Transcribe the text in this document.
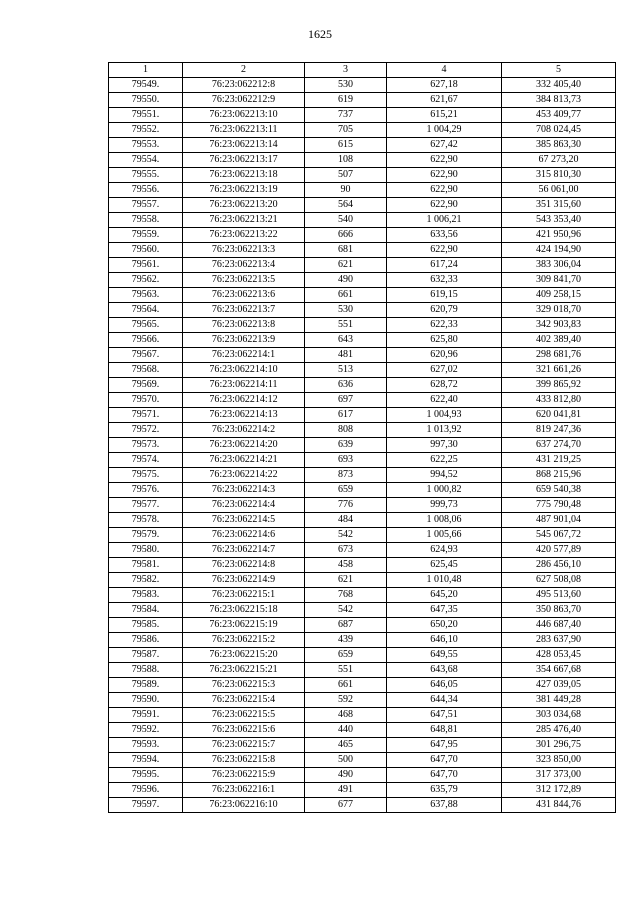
1625
1	2	3	4	5
79549.	76:23:062212:8	530	627,18	332 405,40
79550.	76:23:062212:9	619	621,67	384 813,73
79551.	76:23:062213:10	737	615,21	453 409,77
79552.	76:23:062213:11	705	1 004,29	708 024,45
79553.	76:23:062213:14	615	627,42	385 863,30
79554.	76:23:062213:17	108	622,90	67 273,20
79555.	76:23:062213:18	507	622,90	315 810,30
79556.	76:23:062213:19	90	622,90	56 061,00
79557.	76:23:062213:20	564	622,90	351 315,60
79558.	76:23:062213:21	540	1 006,21	543 353,40
79559.	76:23:062213:22	666	633,56	421 950,96
79560.	76:23:062213:3	681	622,90	424 194,90
79561.	76:23:062213:4	621	617,24	383 306,04
79562.	76:23:062213:5	490	632,33	309 841,70
79563.	76:23:062213:6	661	619,15	409 258,15
79564.	76:23:062213:7	530	620,79	329 018,70
79565.	76:23:062213:8	551	622,33	342 903,83
79566.	76:23:062213:9	643	625,80	402 389,40
79567.	76:23:062214:1	481	620,96	298 681,76
79568.	76:23:062214:10	513	627,02	321 661,26
79569.	76:23:062214:11	636	628,72	399 865,92
79570.	76:23:062214:12	697	622,40	433 812,80
79571.	76:23:062214:13	617	1 004,93	620 041,81
79572.	76:23:062214:2	808	1 013,92	819 247,36
79573.	76:23:062214:20	639	997,30	637 274,70
79574.	76:23:062214:21	693	622,25	431 219,25
79575.	76:23:062214:22	873	994,52	868 215,96
79576.	76:23:062214:3	659	1 000,82	659 540,38
79577.	76:23:062214:4	776	999,73	775 790,48
79578.	76:23:062214:5	484	1 008,06	487 901,04
79579.	76:23:062214:6	542	1 005,66	545 067,72
79580.	76:23:062214:7	673	624,93	420 577,89
79581.	76:23:062214:8	458	625,45	286 456,10
79582.	76:23:062214:9	621	1 010,48	627 508,08
79583.	76:23:062215:1	768	645,20	495 513,60
79584.	76:23:062215:18	542	647,35	350 863,70
79585.	76:23:062215:19	687	650,20	446 687,40
79586.	76:23:062215:2	439	646,10	283 637,90
79587.	76:23:062215:20	659	649,55	428 053,45
79588.	76:23:062215:21	551	643,68	354 667,68
79589.	76:23:062215:3	661	646,05	427 039,05
79590.	76:23:062215:4	592	644,34	381 449,28
79591.	76:23:062215:5	468	647,51	303 034,68
79592.	76:23:062215:6	440	648,81	285 476,40
79593.	76:23:062215:7	465	647,95	301 296,75
79594.	76:23:062215:8	500	647,70	323 850,00
79595.	76:23:062215:9	490	647,70	317 373,00
79596.	76:23:062216:1	491	635,79	312 172,89
79597.	76:23:062216:10	677	637,88	431 844,76
